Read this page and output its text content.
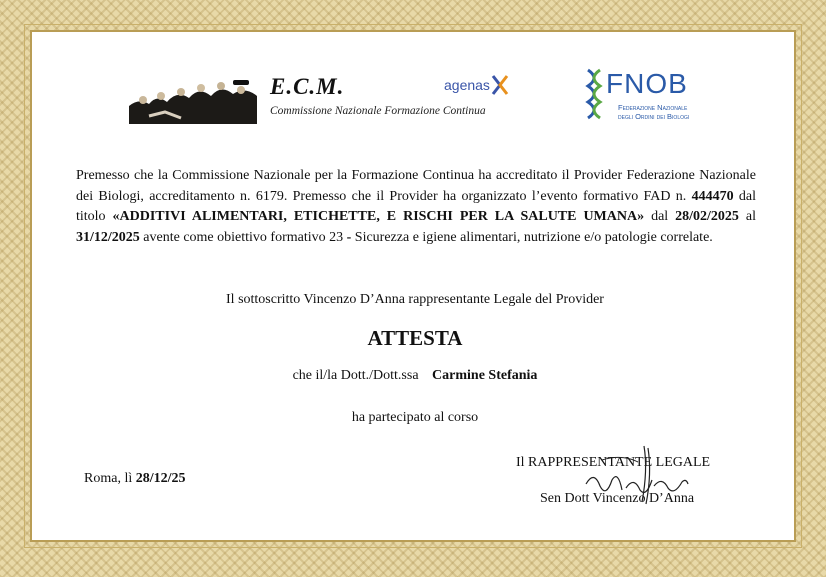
E.C.M.
Commissione Nazionale Formazione Continua
agenas	FNOB
Federazione Nazionale
degli Ordini dei Biologi
Premesso che la Commissione Nazionale per la Formazione Continua ha accreditato il Provider Federazione Nazionale dei Biologi, accreditamento n. 6179. Premesso che il Provider ha organizzato l’evento formativo FAD n. 444470 dal titolo «ADDITIVI ALIMENTARI, ETICHETTE, E RISCHI PER LA SALUTE UMANA» dal 28/02/2025 al 31/12/2025 avente come obiettivo formativo 23 - Sicurezza e igiene alimentari, nutrizione e/o patologie correlate.
Il sottoscritto Vincenzo D’Anna rappresentante Legale del Provider
ATTESTA
che il/la Dott./Dott.ssa Carmine Stefania
ha partecipato al corso
Roma, lì 28/12/25
Il RAPPRESENTANTE LEGALE
Sen Dott Vincenzo D’Anna
